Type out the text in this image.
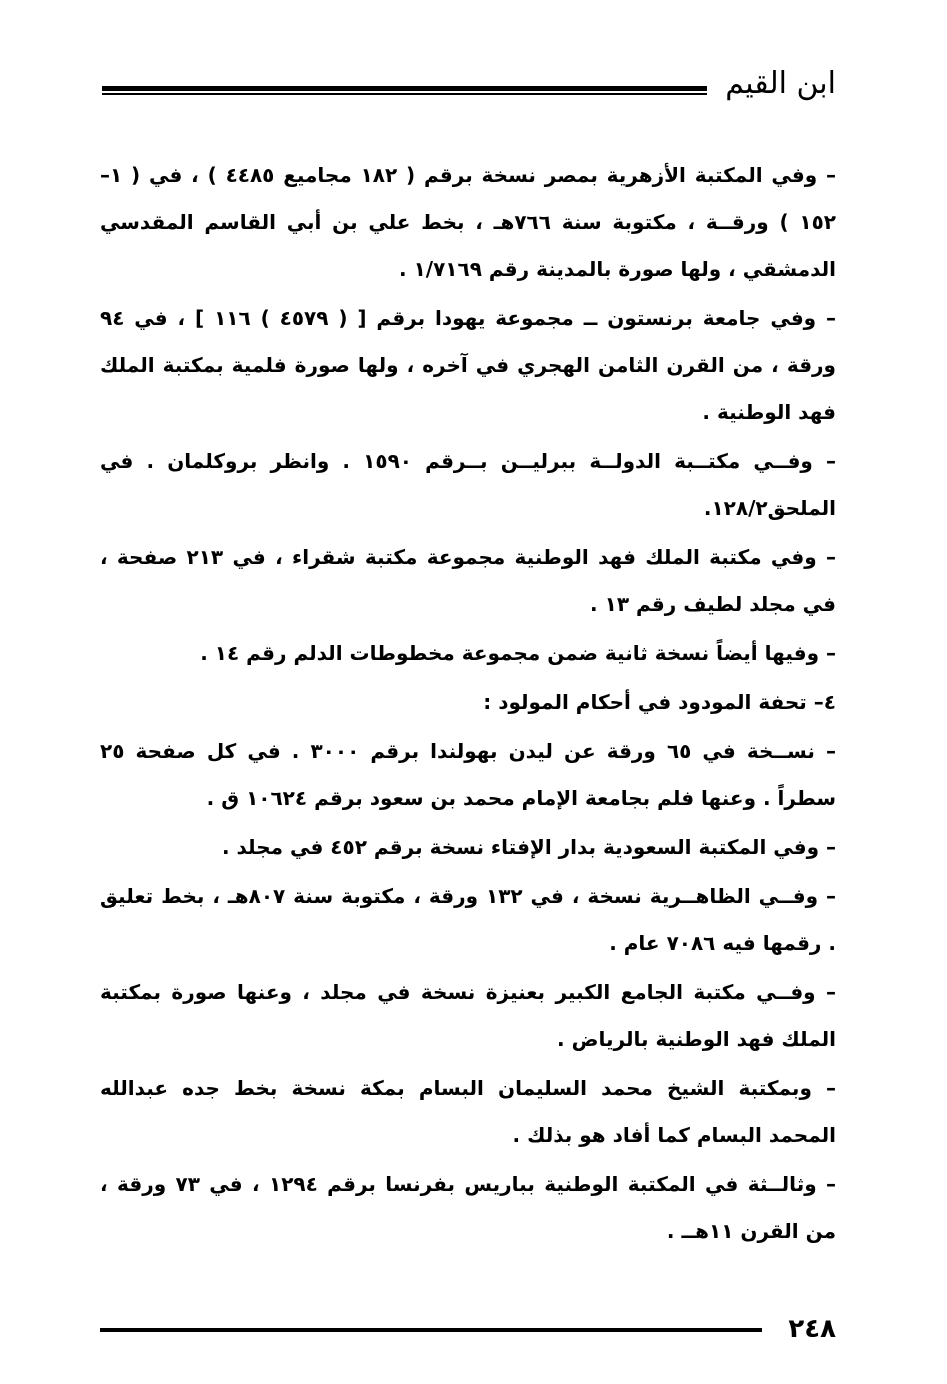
ابن القيم

– وفي المكتبة الأزهرية بمصر نسخة برقم ( ١٨٢ مجاميع ٤٤٨٥ ) ، في ( ١–١٥٢ ) ورقــة ، مكتوبة سنة ٧٦٦هـ ، بخط علي بن أبي القاسم المقدسي الدمشقي ، ولها صورة بالمدينة رقم ١/٧١٦٩ .

– وفي جامعة برنستون ــ مجموعة يهودا برقم [ ( ٤٥٧٩ ) ١١٦ ] ، في ٩٤ ورقة ، من القرن الثامن الهجري في آخره ، ولها صورة فلمية بمكتبة الملك فهد الوطنية .

– وفــي مكتــبة الدولــة ببرليــن بــرقم ١٥٩٠ . وانظر بروكلمان . في الملحق١٢٨/٢.

– وفي مكتبة الملك فهد الوطنية مجموعة مكتبة شقراء ، في ٢١٣ صفحة ، في مجلد لطيف رقم ١٣ .

– وفيها أيضاً نسخة ثانية ضمن مجموعة مخطوطات الدلم رقم ١٤ .

٤– تحفة المودود في أحكام المولود :

– نســخة في ٦٥ ورقة عن ليدن بهولندا برقم ٣٠٠٠ . في كل صفحة ٢٥ سطراً . وعنها فلم بجامعة الإمام محمد بن سعود برقم ١٠٦٢٤ ق .

– وفي المكتبة السعودية بدار الإفتاء نسخة برقم ٤٥٢ في مجلد .

– وفــي الظاهــرية نسخة ، في ١٣٢ ورقة ، مكتوبة سنة ٨٠٧هـ ، بخط تعليق . رقمها فيه ٧٠٨٦ عام .

– وفــي مكتبة الجامع الكبير بعنيزة نسخة في مجلد ، وعنها صورة بمكتبة الملك فهد الوطنية بالرياض .

– وبمكتبة الشيخ محمد السليمان البسام بمكة نسخة بخط جده عبدالله المحمد البسام كما أفاد هو بذلك .

– وثالــثة في المكتبة الوطنية بباريس بفرنسا برقم ١٢٩٤ ، في ٧٣ ورقة ، من القرن ١١هــ .

٢٤٨
